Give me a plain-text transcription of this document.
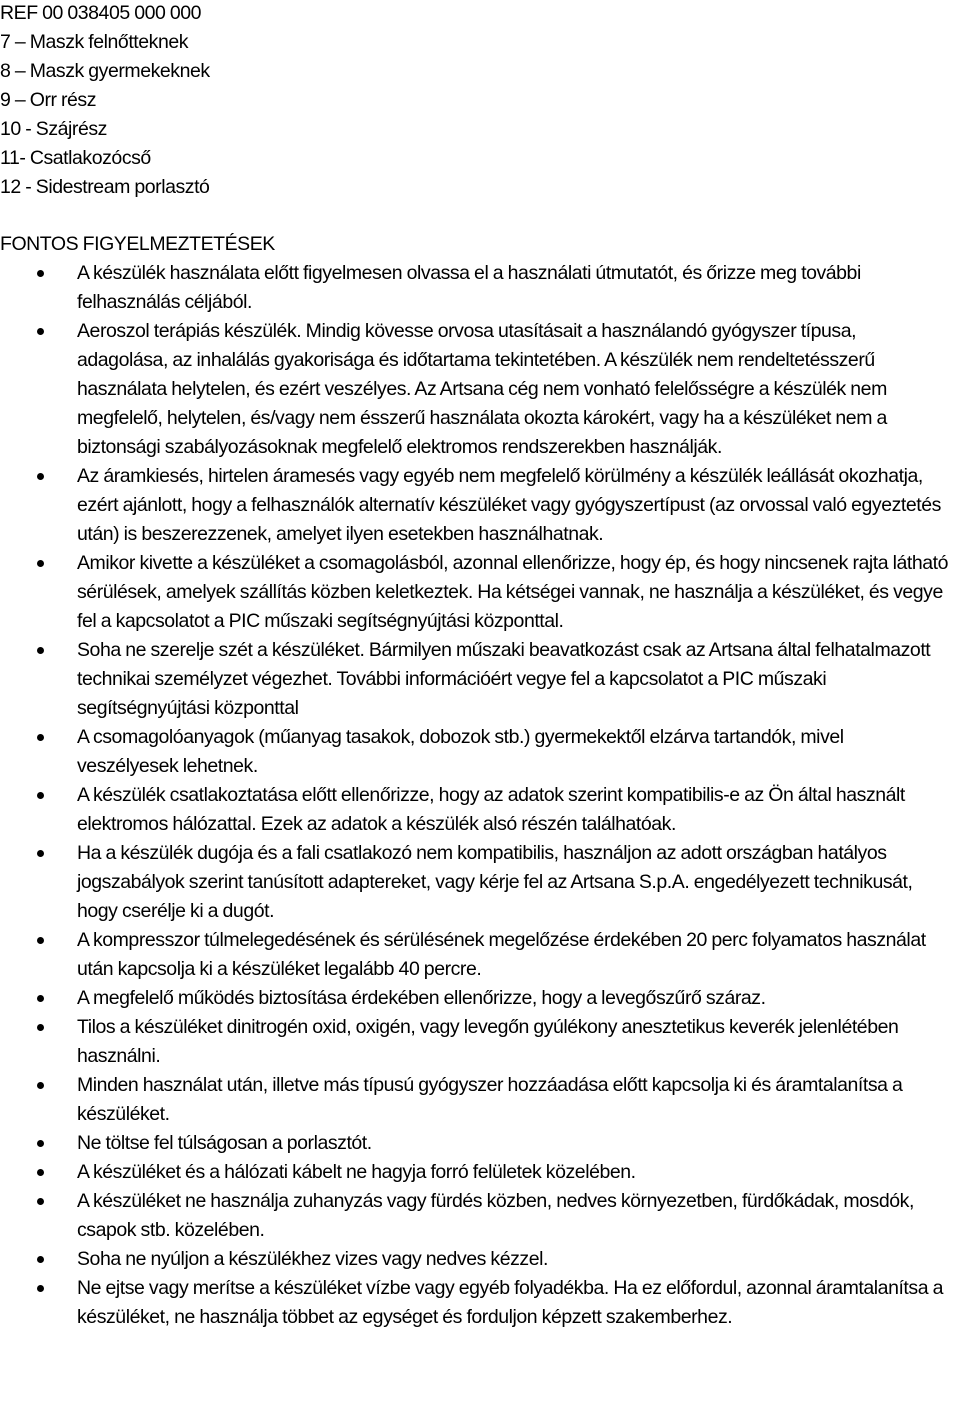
REF 00 038405 000 000
7 – Maszk felnőtteknek
8 – Maszk gyermekeknek
9 – Orr rész
10 - Szájrész
11- Csatlakozócső
12 - Sidestream porlasztó
FONTOS FIGYELMEZTETÉSEK
A készülék használata előtt figyelmesen olvassa el a használati útmutatót, és őrizze meg további felhasználás céljából.
Aeroszol terápiás készülék. Mindig kövesse orvosa utasításait a használandó gyógyszer típusa, adagolása, az inhalálás gyakorisága és időtartama tekintetében. A készülék nem rendeltetésszerű használata helytelen, és ezért veszélyes. Az Artsana cég nem vonható felelősségre a készülék nem megfelelő, helytelen, és/vagy nem ésszerű használata okozta károkért, vagy ha a készüléket nem a biztonsági szabályozásoknak megfelelő elektromos rendszerekben használják.
Az áramkiesés, hirtelen áramesés vagy egyéb nem megfelelő körülmény a készülék leállását okozhatja, ezért ajánlott, hogy a felhasználók alternatív készüléket vagy gyógyszertípust (az orvossal való egyeztetés után) is beszerezzenek, amelyet ilyen esetekben használhatnak.
Amikor kivette a készüléket a csomagolásból, azonnal ellenőrizze, hogy ép, és hogy nincsenek rajta látható sérülések, amelyek szállítás közben keletkeztek. Ha kétségei vannak, ne használja a készüléket, és vegye fel a kapcsolatot a PIC műszaki segítségnyújtási központtal.
Soha ne szerelje szét a készüléket. Bármilyen műszaki beavatkozást csak az Artsana által felhatalmazott technikai személyzet végezhet. További információért vegye fel a kapcsolatot a PIC műszaki segítségnyújtási központtal
A csomagolóanyagok (műanyag tasakok, dobozok stb.) gyermekektől elzárva tartandók, mivel veszélyesek lehetnek.
A készülék csatlakoztatása előtt ellenőrizze, hogy az adatok szerint kompatibilis-e az Ön által használt elektromos hálózattal. Ezek az adatok a készülék alsó részén találhatóak.
Ha a készülék dugója és a fali csatlakozó nem kompatibilis, használjon az adott országban hatályos jogszabályok szerint tanúsított adaptereket, vagy kérje fel az Artsana S.p.A. engedélyezett technikusát, hogy cserélje ki a dugót.
A kompresszor túlmelegedésének és sérülésének megelőzése érdekében 20 perc folyamatos használat után kapcsolja ki a készüléket legalább 40 percre.
A megfelelő működés biztosítása érdekében ellenőrizze, hogy a levegőszűrő száraz.
Tilos a készüléket dinitrogén oxid, oxigén, vagy levegőn gyúlékony anesztetikus keverék jelenlétében használni.
Minden használat után, illetve más típusú gyógyszer hozzáadása előtt kapcsolja ki és áramtalanítsa a készüléket.
Ne töltse fel túlságosan a porlasztót.
A készüléket és a hálózati kábelt ne hagyja forró felületek közelében.
A készüléket ne használja zuhanyzás vagy fürdés közben, nedves környezetben, fürdőkádak, mosdók, csapok stb. közelében.
Soha ne nyúljon a készülékhez vizes vagy nedves kézzel.
Ne ejtse vagy merítse a készüléket vízbe vagy egyéb folyadékba. Ha ez előfordul, azonnal áramtalanítsa a készüléket, ne használja többet az egységet és forduljon képzett szakemberhez.
